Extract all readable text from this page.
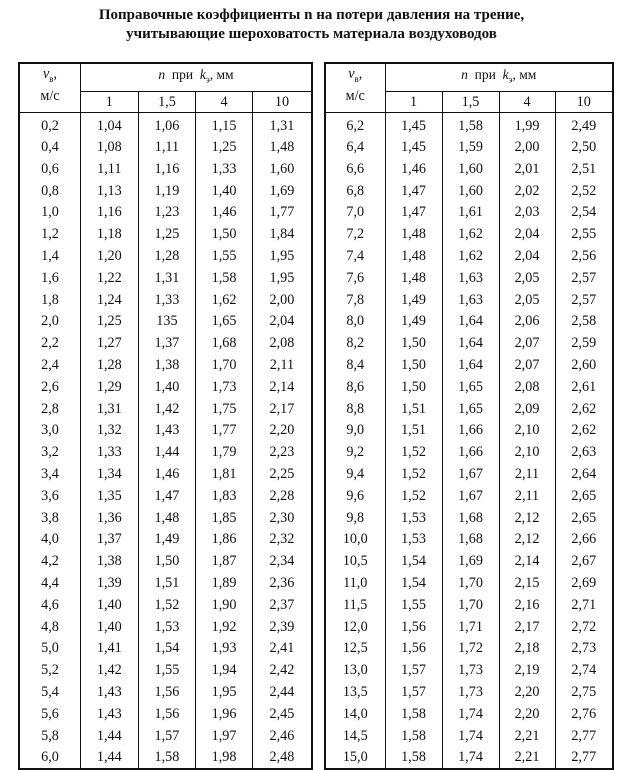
Поправочные коэффициенты n на потери давления на трение,
учитывающие шероховатость материала воздуховодов
$v_в$,
м/с	n при $k_э$, мм			
	1	1,5	4	10
0,2	1,04	1,06	1,15	1,31
0,4	1,08	1,11	1,25	1,48
0,6	1,11	1,16	1,33	1,60
0,8	1,13	1,19	1,40	1,69
1,0	1,16	1,23	1,46	1,77
1,2	1,18	1,25	1,50	1,84
1,4	1,20	1,28	1,55	1,95
1,6	1,22	1,31	1,58	1,95
1,8	1,24	1,33	1,62	2,00
2,0	1,25	135	1,65	2,04
2,2	1,27	1,37	1,68	2,08
2,4	1,28	1,38	1,70	2,11
2,6	1,29	1,40	1,73	2,14
2,8	1,31	1,42	1,75	2,17
3,0	1,32	1,43	1,77	2,20
3,2	1,33	1,44	1,79	2,23
3,4	1,34	1,46	1,81	2,25
3,6	1,35	1,47	1,83	2,28
3,8	1,36	1,48	1,85	2,30
4,0	1,37	1,49	1,86	2,32
4,2	1,38	1,50	1,87	2,34
4,4	1,39	1,51	1,89	2,36
4,6	1,40	1,52	1,90	2,37
4,8	1,40	1,53	1,92	2,39
5,0	1,41	1,54	1,93	2,41
5,2	1,42	1,55	1,94	2,42
5,4	1,43	1,56	1,95	2,44
5,6	1,43	1,56	1,96	2,45
5,8	1,44	1,57	1,97	2,46
6,0	1,44	1,58	1,98	2,48
$v_в$,
м/с	n при $k_э$, мм			
	1	1,5	4	10
6,2	1,45	1,58	1,99	2,49
6,4	1,45	1,59	2,00	2,50
6,6	1,46	1,60	2,01	2,51
6,8	1,47	1,60	2,02	2,52
7,0	1,47	1,61	2,03	2,54
7,2	1,48	1,62	2,04	2,55
7,4	1,48	1,62	2,04	2,56
7,6	1,48	1,63	2,05	2,57
7,8	1,49	1,63	2,05	2,57
8,0	1,49	1,64	2,06	2,58
8,2	1,50	1,64	2,07	2,59
8,4	1,50	1,64	2,07	2,60
8,6	1,50	1,65	2,08	2,61
8,8	1,51	1,65	2,09	2,62
9,0	1,51	1,66	2,10	2,62
9,2	1,52	1,66	2,10	2,63
9,4	1,52	1,67	2,11	2,64
9,6	1,52	1,67	2,11	2,65
9,8	1,53	1,68	2,12	2,65
10,0	1,53	1,68	2,12	2,66
10,5	1,54	1,69	2,14	2,67
11,0	1,54	1,70	2,15	2,69
11,5	1,55	1,70	2,16	2,71
12,0	1,56	1,71	2,17	2,72
12,5	1,56	1,72	2,18	2,73
13,0	1,57	1,73	2,19	2,74
13,5	1,57	1,73	2,20	2,75
14,0	1,58	1,74	2,20	2,76
14,5	1,58	1,74	2,21	2,77
15,0	1,58	1,74	2,21	2,77
